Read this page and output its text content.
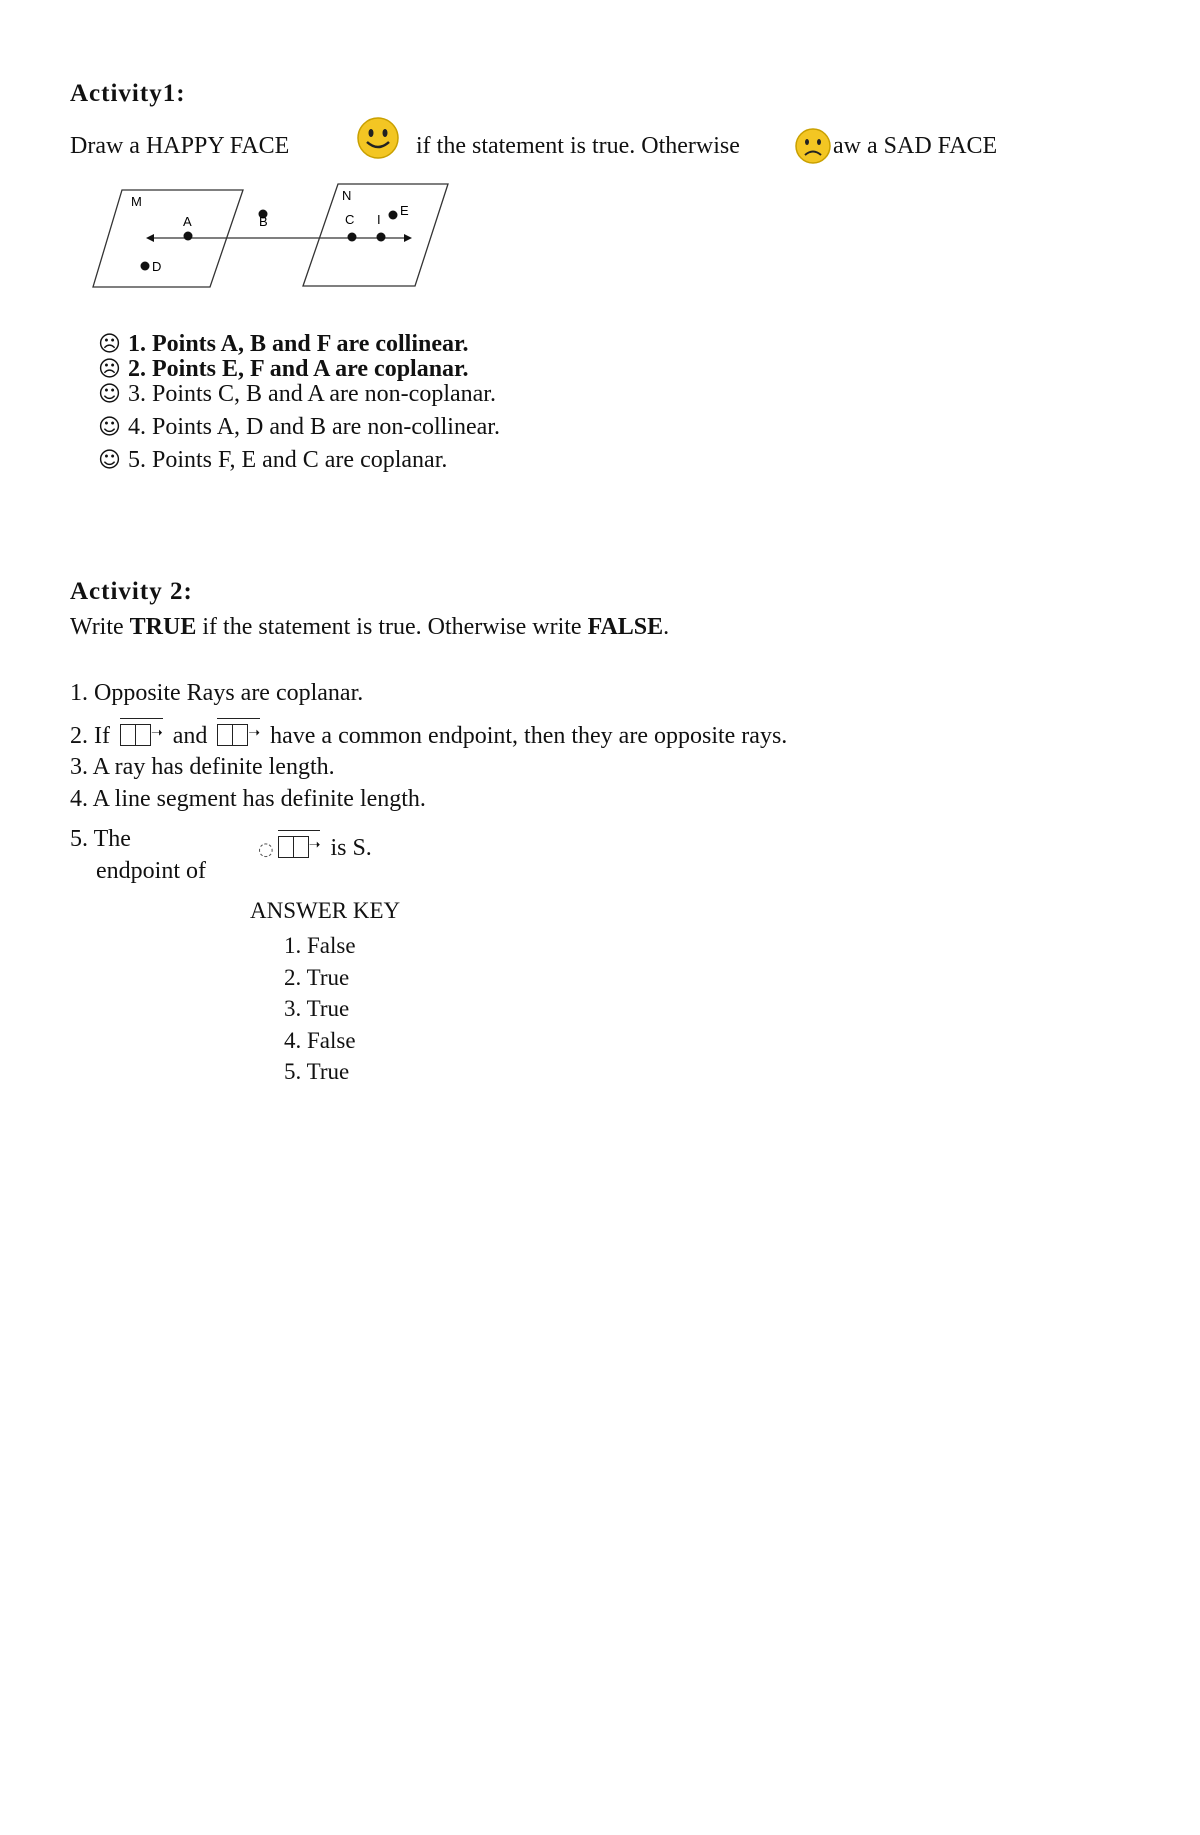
Activity1:
Draw a HAPPY FACE	if the statement is true. Otherwise	aw a SAD FACE
M	N
A	B	C I
E
D
☹ 1. Points A, B and F are collinear.
☹ 2. Points E, F and A are coplanar.
☺ 3. Points C, B and A are non-coplanar.
☺ 4. Points A, D and B are non-collinear.
☺ 5. Points F, E and C are coplanar.
Activity 2:
Write TRUE if the statement is true. Otherwise write FALSE.
1. Opposite Rays are coplanar.
2. If	➝ and	➝ have a common endpoint, then they are opposite rays.
3. A ray has definite length.
4. A line segment has definite length.
5. The
endpoint of
◌	➝ is S.
ANSWER KEY
1. False
2. True
3. True
4. False
5. True
